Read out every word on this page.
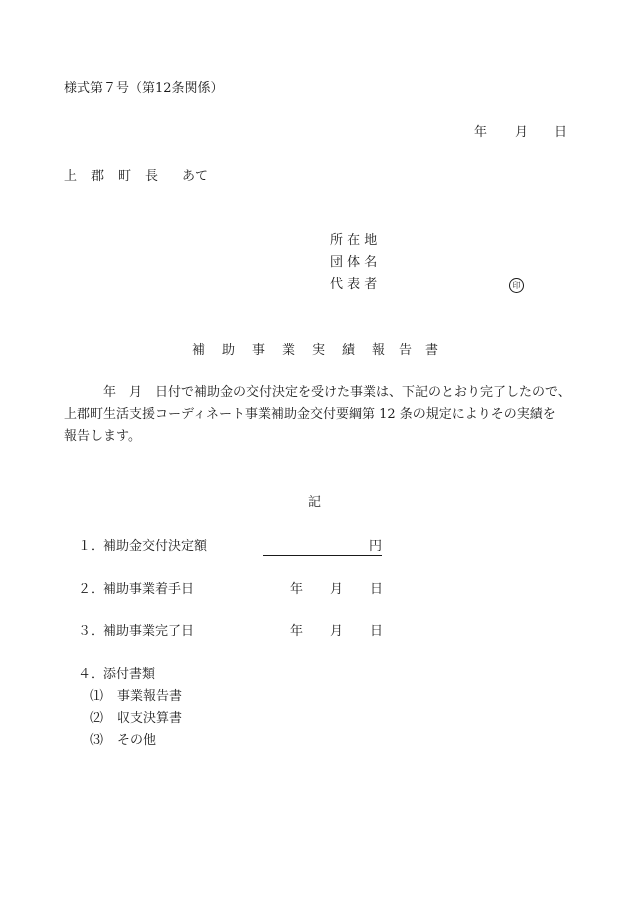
様式第７号（第12条関係）
年 月 日
上 郡 町 長 あて
所 在 地
団 体 名
代 表 者	印
補 助 事 業 実 績 報 告 書
　　　年　月　日付で補助金の交付決定を受けた事業は、下記のとおり完了したので、
上郡町生活支援コーディネート事業補助金交付要綱第 12 条の規定によりその実績を
報告します。
記
１．
補助金交付決定額	円
２．
補助事業着手日	年 月 日
３．
補助事業完了日	年 月 日
４．
添付書類
⑴ 事業報告書
⑵ 収支決算書
⑶ その他
